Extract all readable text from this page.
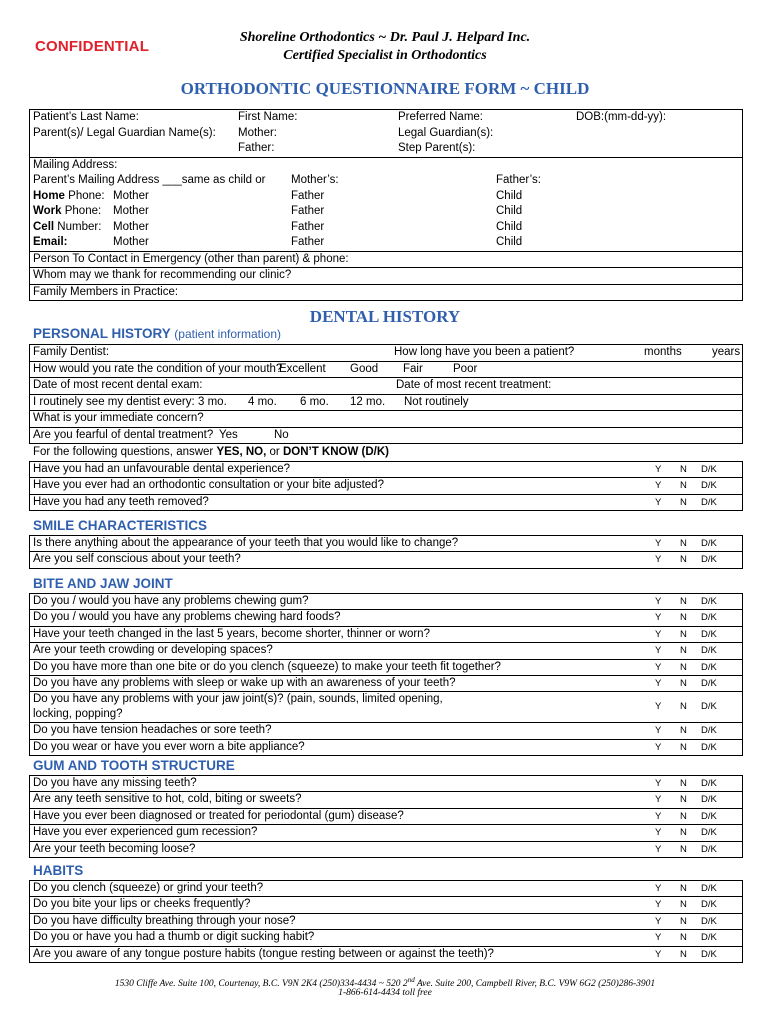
CONFIDENTIAL
Shoreline Orthodontics ~ Dr. Paul J. Helpard Inc.
Certified Specialist in Orthodontics
ORTHODONTIC QUESTIONNAIRE FORM ~ CHILD
Patient’s Last Name:	First Name:	Preferred Name:	DOB:(mm-dd-yy):
Parent(s)/ Legal Guardian Name(s): Mother:	Legal Guardian(s):
Father:	Step Parent(s):
Mailing Address:
Parent’s Mailing Address ___same as child or Mother’s:	Father’s:
Home Phone: Mother	Father	Child
Work Phone: Mother	Father	Child
Cell Number: Mother	Father	Child
Email:	Mother	Father	Child
Person To Contact in Emergency (other than parent) & phone:
Whom may we thank for recommending our clinic?
Family Members in Practice:
DENTAL HISTORY
PERSONAL HISTORY (patient information)
Family Dentist:	How long have you been a patient?	months	years
How would you rate the condition of your mouth?
Excellent Good Fair	Poor
Date of most recent dental exam:	Date of most recent treatment:
I routinely see my dentist every: 3 mo. 4 mo. 6 mo. 12 mo. Not routinely
What is your immediate concern?
Are you fearful of dental treatment? Yes	No
For the following questions, answer YES, NO, or DON’T KNOW (D/K)
Have you had an unfavourable dental experience?	Y N D/K
Have you ever had an orthodontic consultation or your bite adjusted?	Y N D/K
Have you had any teeth removed?	Y N D/K
SMILE CHARACTERISTICS
Is there anything about the appearance of your teeth that you would like to change?	Y N D/K
Are you self conscious about your teeth?	Y N D/K
BITE AND JAW JOINT
Do you / would you have any problems chewing gum?	Y N D/K
Do you / would you have any problems chewing hard foods?	Y N D/K
Have your teeth changed in the last 5 years, become shorter, thinner or worn?	Y N D/K
Are your teeth crowding or developing spaces?	Y N D/K
Do you have more than one bite or do you clench (squeeze) to make your teeth fit together?	Y N D/K
Do you have any problems with sleep or wake up with an awareness of your teeth?	Y N D/K
Do you have any problems with your jaw joint(s)? (pain, sounds, limited opening, locking, popping?
Y N D/K
Do you have tension headaches or sore teeth?	Y N D/K
Do you wear or have you ever worn a bite appliance?	Y N D/K
GUM AND TOOTH STRUCTURE
Do you have any missing teeth?	Y N D/K
Are any teeth sensitive to hot, cold, biting or sweets?	Y N D/K
Have you ever been diagnosed or treated for periodontal (gum) disease?	Y N D/K
Have you ever experienced gum recession?	Y N D/K
Are your teeth becoming loose?	Y N D/K
HABITS
Do you clench (squeeze) or grind your teeth?	Y N D/K
Do you bite your lips or cheeks frequently?	Y N D/K
Do you have difficulty breathing through your nose?	Y N D/K
Do you or have you had a thumb or digit sucking habit?	Y N D/K
Are you aware of any tongue posture habits (tongue resting between or against the teeth)?	Y N D/K
1530 Cliffe Ave. Suite 100, Courtenay, B.C. V9N 2K4 (250)334-4434 ~ 520 2nd Ave. Suite 200, Campbell River, B.C. V9W 6G2 (250)286-3901
1-866-614-4434 toll free
